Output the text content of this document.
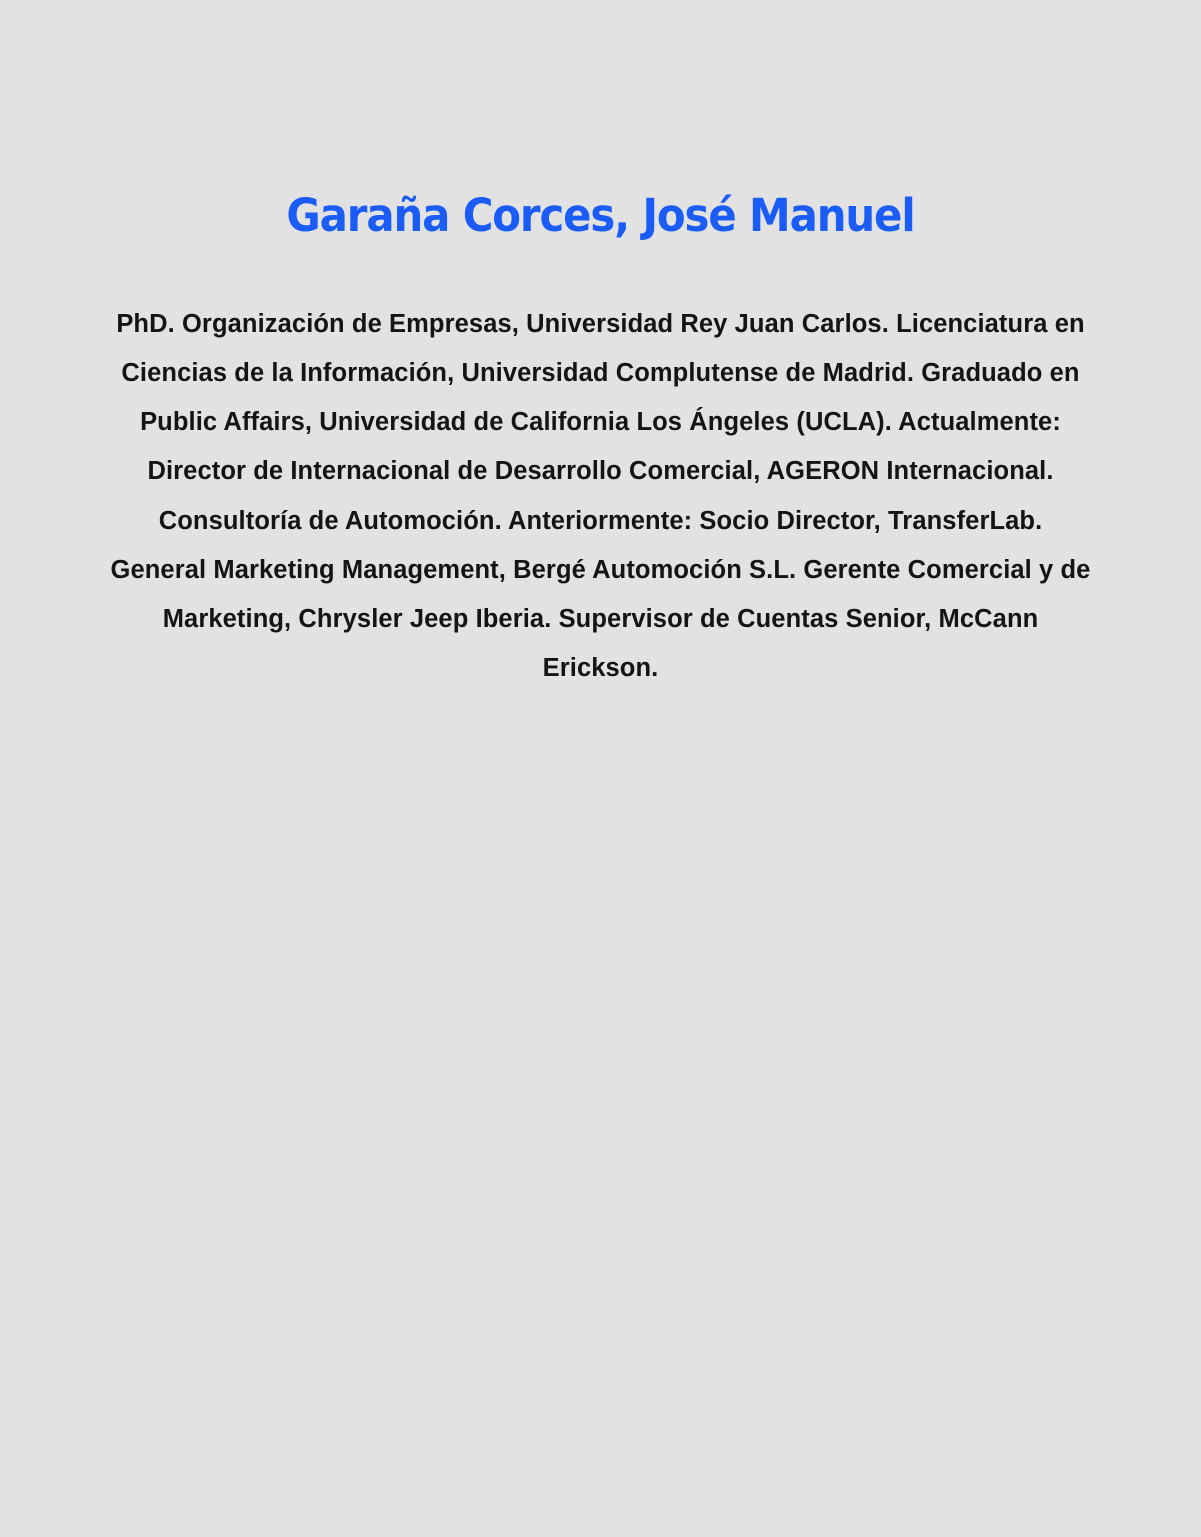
Garaña Corces, José Manuel

PhD. Organización de Empresas, Universidad Rey Juan Carlos. Licenciatura en Ciencias de la Información, Universidad Complutense de Madrid. Graduado en Public Affairs, Universidad de California Los Ángeles (UCLA). Actualmente: Director de Internacional de Desarrollo Comercial, AGERON Internacional. Consultoría de Automoción. Anteriormente: Socio Director, TransferLab. General Marketing Management, Bergé Automoción S.L. Gerente Comercial y de Marketing, Chrysler Jeep Iberia. Supervisor de Cuentas Senior, McCann Erickson.
